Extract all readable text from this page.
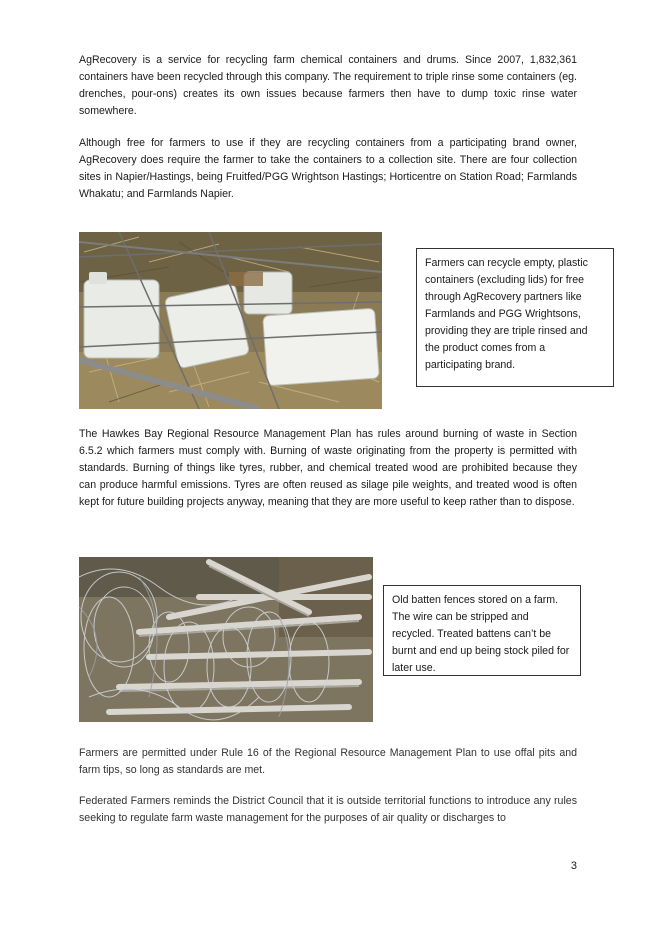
AgRecovery is a service for recycling farm chemical containers and drums. Since 2007, 1,832,361 containers have been recycled through this company. The requirement to triple rinse some containers (eg. drenches, pour-ons) creates its own issues because farmers then have to dump toxic rinse water somewhere.

Although free for farmers to use if they are recycling containers from a participating brand owner, AgRecovery does require the farmer to take the containers to a collection site. There are four collection sites in Napier/Hastings, being Fruitfed/PGG Wrightson Hastings; Horticentre on Station Road; Farmlands Whakatu; and Farmlands Napier.

Farmers can recycle empty, plastic containers (excluding lids) for free through AgRecovery partners like Farmlands and PGG Wrightsons, providing they are triple rinsed and the product comes from a participating brand.

The Hawkes Bay Regional Resource Management Plan has rules around burning of waste in Section 6.5.2 which farmers must comply with. Burning of waste originating from the property is permitted with standards. Burning of things like tyres, rubber, and chemical treated wood are prohibited because they can produce harmful emissions. Tyres are often reused as silage pile weights, and treated wood is often kept for future building projects anyway, meaning that they are more useful to keep rather than to dispose.

Old batten fences stored on a farm. The wire can be stripped and recycled. Treated battens can’t be burnt and end up being stock piled for later use.

Farmers are permitted under Rule 16 of the Regional Resource Management Plan to use offal pits and farm tips, so long as standards are met.

Federated Farmers reminds the District Council that it is outside territorial functions to introduce any rules seeking to regulate farm waste management for the purposes of air quality or discharges to

3
